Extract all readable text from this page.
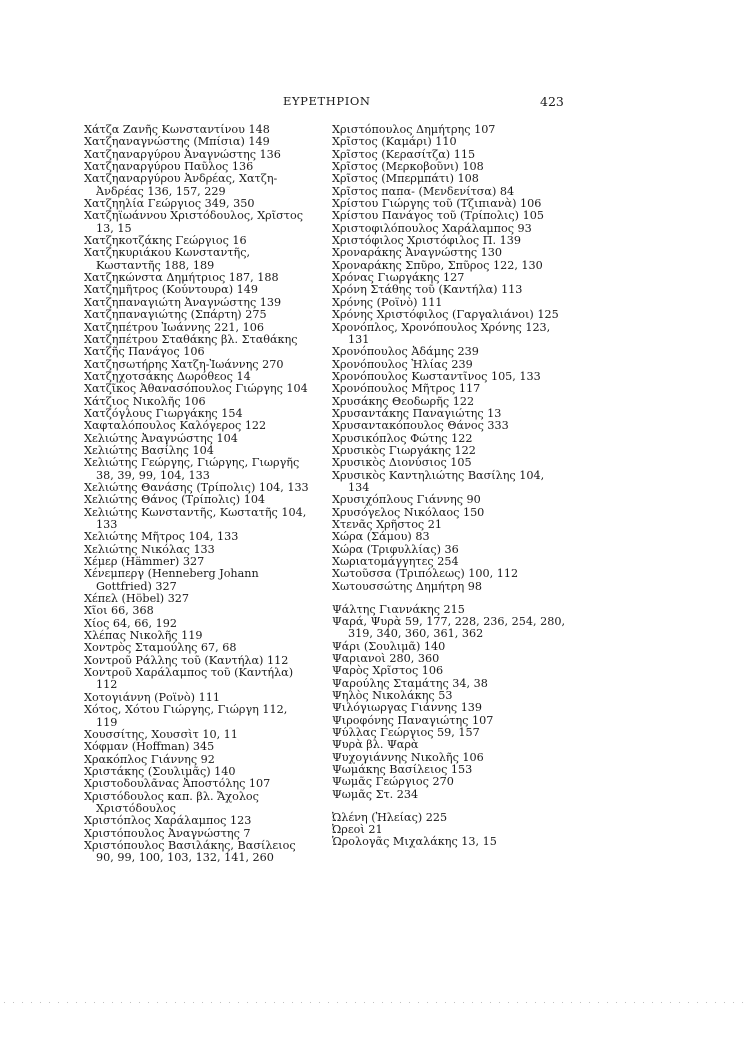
ΕΥΡΕΤΗΡΙΟΝ	423
Χάτζα Ζανῆς Κωνσταντίνου 148
Χατζηαναγνώστης (Μπίσια) 149
Χατζηαναργύρου Ἀναγνώστης 136
Χατζηαναργύρου Παῦλος 136
Χατζηαναργύρου Ἀνδρέας, Χατζη-Ἀνδρέας 136, 157, 229
Χατζηηλία Γεώργιος 349, 350
Χατζηϊωάννου Χριστόδουλος, Χρῖστος 13, 15
Χατζηκοτζάκης Γεώργιος 16
Χατζηκυριάκου Κωνσταντῆς, Κωσταντῆς 188, 189
Χατζηκώνστα Δημήτριος 187, 188
Χατζημῆτρος (Κούντουρα) 149
Χατζηπαναγιώτη Ἀναγνώστης 139
Χατζηπαναγιώτης (Σπάρτη) 275
Χατζηπέτρου Ἰωάννης 221, 106
Χατζηπέτρου Σταθάκης βλ. Σταθάκης
Χατζῆς Πανάγος 106
Χατζησωτήρης Χατζη-Ἰωάννης 270
Χατζηχοτσάκης Δωρόθεος 14
Χατζῖκος Ἀθανασόπουλος Γιώργης 104
Χάτζιος Νικολῆς 106
Χατζόγλους Γιωργάκης 154
Χαφταλόπουλος Καλόγερος 122
Χελιώτης Ἀναγνώστης 104
Χελιώτης Βασίλης 104
Χελιώτης Γεώργης, Γιώργης, Γιωργῆς 38, 39, 99, 104, 133
Χελιώτης Θανάσης (Τρίπολις) 104, 133
Χελιώτης Θάνος (Τρίπολις) 104
Χελιώτης Κωνσταντῆς, Κωστατῆς 104, 133
Χελιώτης Μῆτρος 104, 133
Χελιώτης Νικόλας 133
Χέμερ (Hämmer) 327
Χένεμπεργ (Henneberg Johann Gottfried) 327
Χέπελ (Höbel) 327
Χῖοι 66, 368
Χίος 64, 66, 192
Χλέπας Νικολῆς 119
Χοντρὸς Σταμούλης 67, 68
Χοντροῦ Ράλλης τοῦ (Καντήλα) 112
Χοντροῦ Χαράλαμπος τοῦ (Καντήλα) 112
Χοτογιάννη (Ροϊνὸ) 111
Χότος, Χότου Γιώργης, Γιώργη 112, 119
Χουσσίτης, Χουσσὶτ 10, 11
Χόφμαν (Hoffman) 345
Χρακόπλος Γιάννης 92
Χριστάκης (Σουλιμᾶς) 140
Χριστοδουλᾶνας Ἀποστόλης 107
Χριστόδουλος καπ. βλ. Ἄχολος Χριστόδουλος
Χριστόπλος Χαράλαμπος 123
Χριστόπουλος Ἀναγνώστης 7
Χριστόπουλος Βασιλάκης, Βασίλειος 90, 99, 100, 103, 132, 141, 260
Χριστόπουλος Δημήτρης 107
Χρῖστος (Καμάρι) 110
Χρῖστος (Κερασίτζα) 115
Χρῖστος (Μερκοβοῦνι) 108
Χρῖστος (Μπερμπάτι) 108
Χρῖστος παπα- (Μενδενίτσα) 84
Χρίστου Γιώργης τοῦ (Τζιπιανὰ) 106
Χρίστου Πανάγος τοῦ (Τρίπολις) 105
Χριστοφιλόπουλος Χαράλαμπος 93
Χριστόφιλος Χριστόφιλος Π. 139
Χροναράκης Ἀναγνώστης 130
Χροναράκης Σπῦρο, Σπῦρος 122, 130
Χρόνας Γιωργάκης 127
Χρόνη Στάθης τοῦ (Καντήλα) 113
Χρόνης (Ροϊνὸ) 111
Χρόνης Χριστόφιλος (Γαργαλιάνοι) 125
Χρονόπλος, Χρονόπουλος Χρόνης 123, 131
Χρονόπουλος Ἀδάμης 239
Χρονόπουλος Ἠλίας 239
Χρονόπουλος Κωσταντῖνος 105, 133
Χρονόπουλος Μῆτρος 117
Χρυσάκης Θεοδωρῆς 122
Χρυσαντάκης Παναγιώτης 13
Χρυσαντακόπουλος Θάνος 333
Χρυσικόπλος Φώτης 122
Χρυσικὸς Γιωργάκης 122
Χρυσικὸς Διονύσιος 105
Χρυσικὸς Καντηλιώτης Βασίλης 104, 134
Χρυσιχόπλους Γιάννης 90
Χρυσόγελος Νικόλαος 150
Χτενᾶς Χρῆστος 21
Χώρα (Σάμου) 83
Χώρα (Τριφυλλίας) 36
Χωριατομάγγητες 254
Χωτοῦσσα (Τριπόλεως) 100, 112
Χωτουσσώτης Δημήτρη 98
Ψάλτης Γιαννάκης 215
Ψαρά, Ψυρὰ 59, 177, 228, 236, 254, 280, 319, 340, 360, 361, 362
Ψάρι (Σουλιμᾶ) 140
Ψαριανοὶ 280, 360
Ψαρὸς Χρῖστος 106
Ψαρούλης Σταμάτης 34, 38
Ψηλὸς Νικολάκης 53
Ψιλόγιωργας Γιάννης 139
Ψιροφόνης Παναγιώτης 107
Ψύλλας Γεώργιος 59, 157
Ψυρὰ βλ. Ψαρὰ
Ψυχογιάννης Νικολῆς 106
Ψωμάκης Βασίλειος 153
Ψωμᾶς Γεώργιος 270
Ψωμᾶς Στ. 234
Ὠλένη (Ἠλείας) 225
Ὠρεοὶ 21
Ὡρολογᾶς Μιχαλάκης 13, 15
